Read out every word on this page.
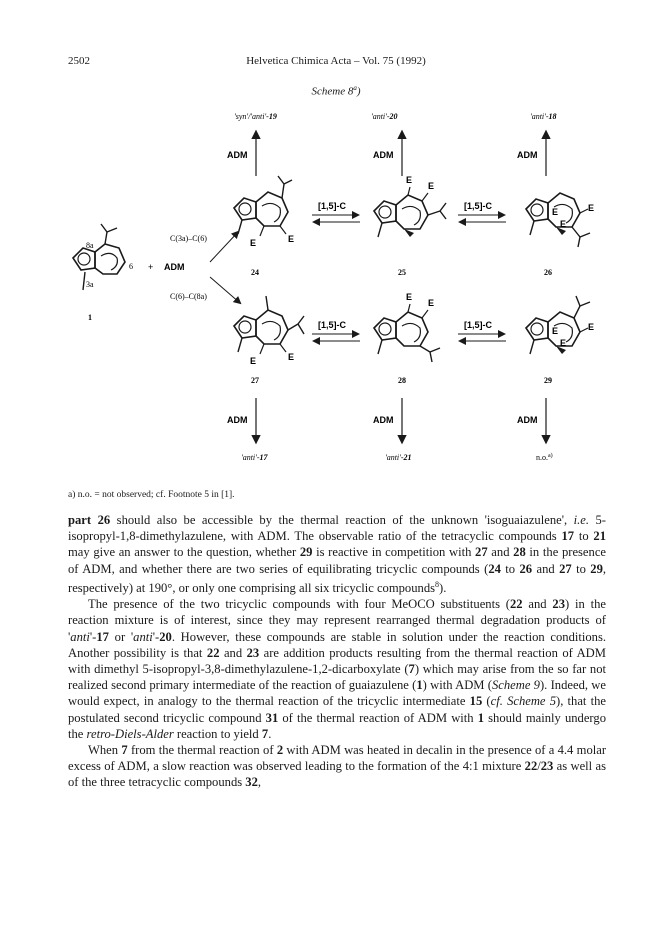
2502	Helvetica Chimica Acta – Vol. 75 (1992)
Scheme 8$^a$)
8a
6
3a
1
+ ADM
C(3a)–C(6)
C(6)–C(8a)
'syn'/'anti'-19
ADM
E	E
24
[1,5]-C
'anti'-20
ADM
E
E
25
[1,5]-C
'anti'-18
ADM
E
E
E
26
E	E
27
ADM
'anti'-17
[1,5]-C
E
E
28
ADM
'anti'-21
[1,5]-C
E
E
E
29
ADM
n.o.$^{a)}$
a) n.o. = not observed; cf. Footnote 5 in [1].

part 26 should also be accessible by the thermal reaction of the unknown 'isoguaiazulene', i.e. 5-isopropyl-1,8-dimethylazulene, with ADM. The observable ratio of the tetracyclic compounds 17 to 21 may give an answer to the question, whether 29 is reactive in competition with 27 and 28 in the presence of ADM, and whether there are two series of equilibrating tricyclic compounds (24 to 26 and 27 to 29, respectively) at 190°, or only one comprising all six tricyclic compounds$^8$).

The presence of the two tricyclic compounds with four MeOCO substituents (22 and 23) in the reaction mixture is of interest, since they may represent rearranged thermal degradation products of 'anti'-17 or 'anti'-20. However, these compounds are stable in solution under the reaction conditions. Another possibility is that 22 and 23 are addition products resulting from the thermal reaction of ADM with dimethyl 5-isopropyl-3,8-dimethylazulene-1,2-dicarboxylate (7) which may arise from the so far not realized second primary intermediate of the reaction of guaiazulene (1) with ADM (Scheme 9). Indeed, we would expect, in analogy to the thermal reaction of the tricyclic intermediate 15 (cf. Scheme 5), that the postulated second tricyclic compound 31 of the thermal reaction of ADM with 1 should mainly undergo the retro-Diels-Alder reaction to yield 7.

When 7 from the thermal reaction of 2 with ADM was heated in decalin in the presence of a 4.4 molar excess of ADM, a slow reaction was observed leading to the formation of the 4:1 mixture 22/23 as well as of the three tetracyclic compounds 32,
